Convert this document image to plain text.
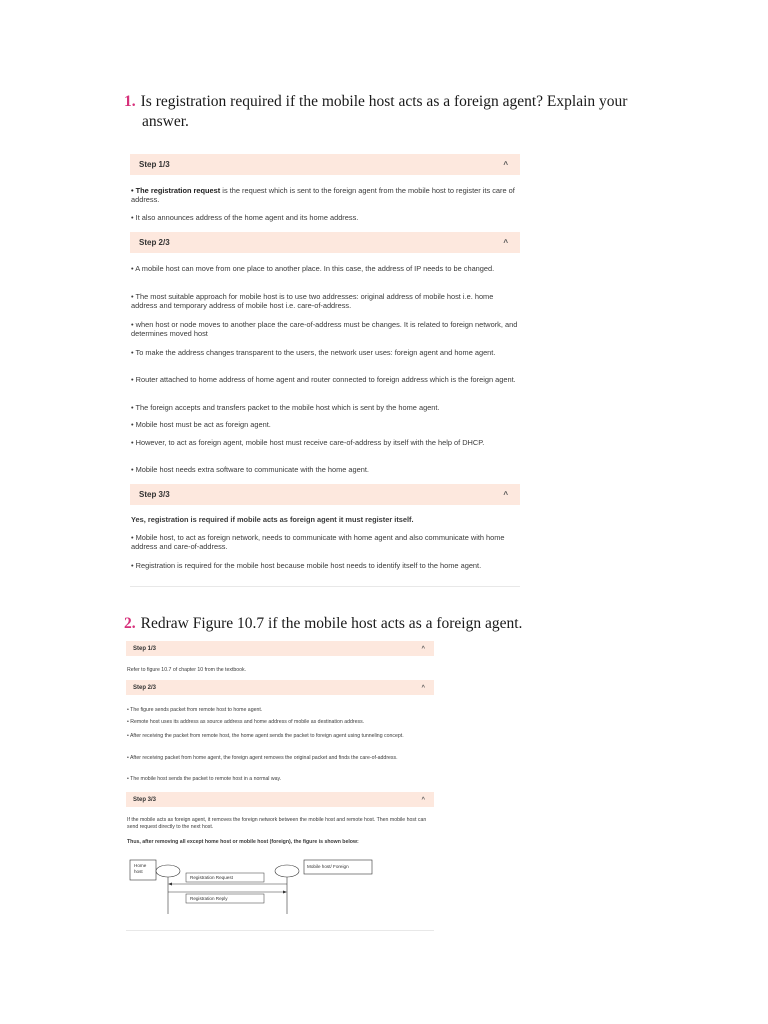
1. Is registration required if the mobile host acts as a foreign agent? Explain your
answer.
Step 1/3	^
• The registration request is the request which is sent to the foreign agent from the mobile host to register its care of address.
• It also announces address of the home agent and its home address.
Step 2/3	^
• A mobile host can move from one place to another place. In this case, the address of IP needs to be changed.
• The most suitable approach for mobile host is to use two addresses: original address of mobile host i.e. home address and temporary address of mobile host i.e. care-of-address.
• when host or node moves to another place the care-of-address must be changes. It is related to foreign network, and determines moved host
• To make the address changes transparent to the users, the network user uses: foreign agent and home agent.
• Router attached to home address of home agent and router connected to foreign address which is the foreign agent.
• The foreign accepts and transfers packet to the mobile host which is sent by the home agent.
• Mobile host must be act as foreign agent.
• However, to act as foreign agent, mobile host must receive care-of-address by itself with the help of DHCP.
• Mobile host needs extra software to communicate with the home agent.
Step 3/3	^
Yes, registration is required if mobile acts as foreign agent it must register itself.
• Mobile host, to act as foreign network, needs to communicate with home agent and also communicate with home address and care-of-address.
• Registration is required for the mobile host because mobile host needs to identify itself to the home agent.
2. Redraw Figure 10.7 if the mobile host acts as a foreign agent.
Step 1/3	^
Refer to figure 10.7 of chapter 10 from the textbook.
Step 2/3	^
• The figure sends packet from remote host to home agent.
• Remote host uses its address as source address and home address of mobile as destination address.
• After receiving the packet from remote host, the home agent sends the packet to foreign agent using tunneling concept.
• After receiving packet from home agent, the foreign agent removes the original packet and finds the care-of-address.
• The mobile host sends the packet to remote host in a normal way.
Step 3/3	^
If the mobile acts as foreign agent, it removes the foreign network between the mobile host and remote host. Then mobile host can send request directly to the next host.
Thus, after removing all except home host or mobile host (foreign), the figure is shown below:
Home host
Mobile host/ Foreign
Registration Request
Registration Reply
